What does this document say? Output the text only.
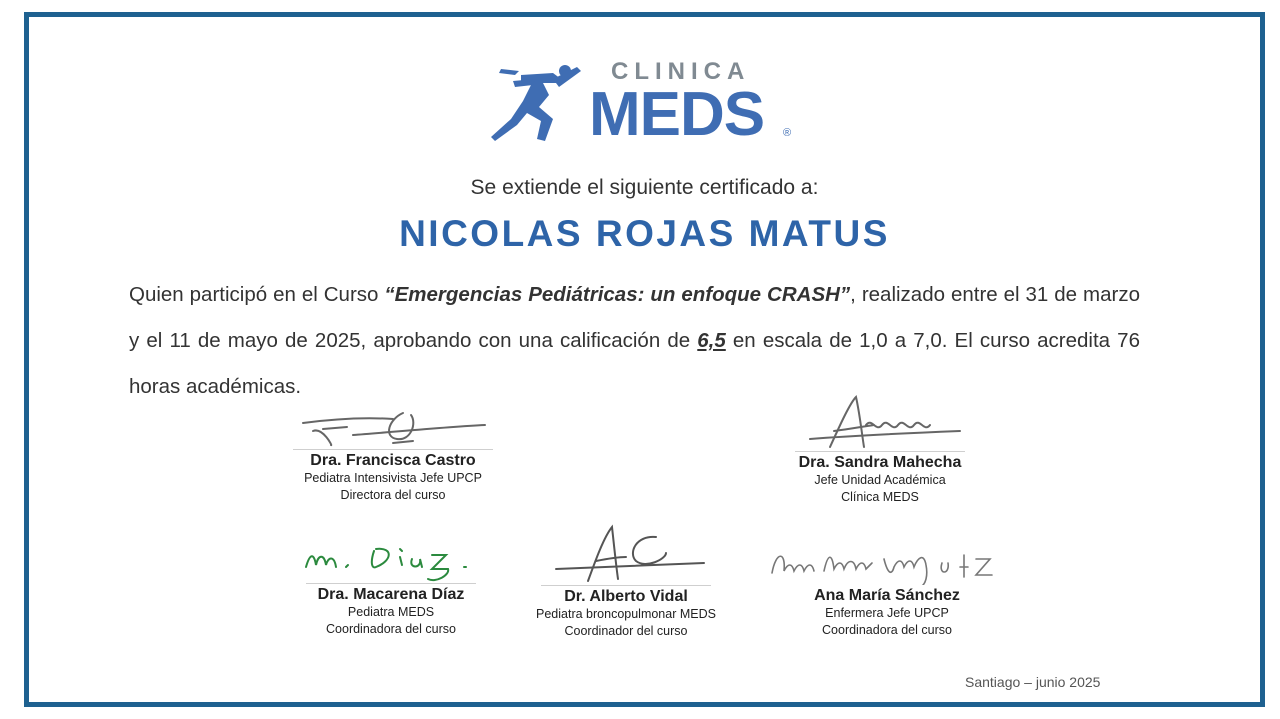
CLINICA
MEDS ®
Se extiende el siguiente certificado a:
NICOLAS ROJAS MATUS
Quien participó en el Curso “Emergencias Pediátricas: un enfoque CRASH”, realizado entre el 31 de marzo y el 11 de mayo de 2025, aprobando con una calificación de 6,5 en escala de 1,0 a 7,0. El curso acredita 76 horas académicas.
Dra. Francisca Castro
Pediatra Intensivista Jefe UPCP
Directora del curso
Dra. Sandra Mahecha
Jefe Unidad Académica
Clínica MEDS
Dra. Macarena Díaz
Pediatra MEDS
Coordinadora del curso
Dr. Alberto Vidal
Pediatra broncopulmonar MEDS
Coordinador del curso
Ana María Sánchez
Enfermera Jefe UPCP
Coordinadora del curso
Santiago – junio 2025
